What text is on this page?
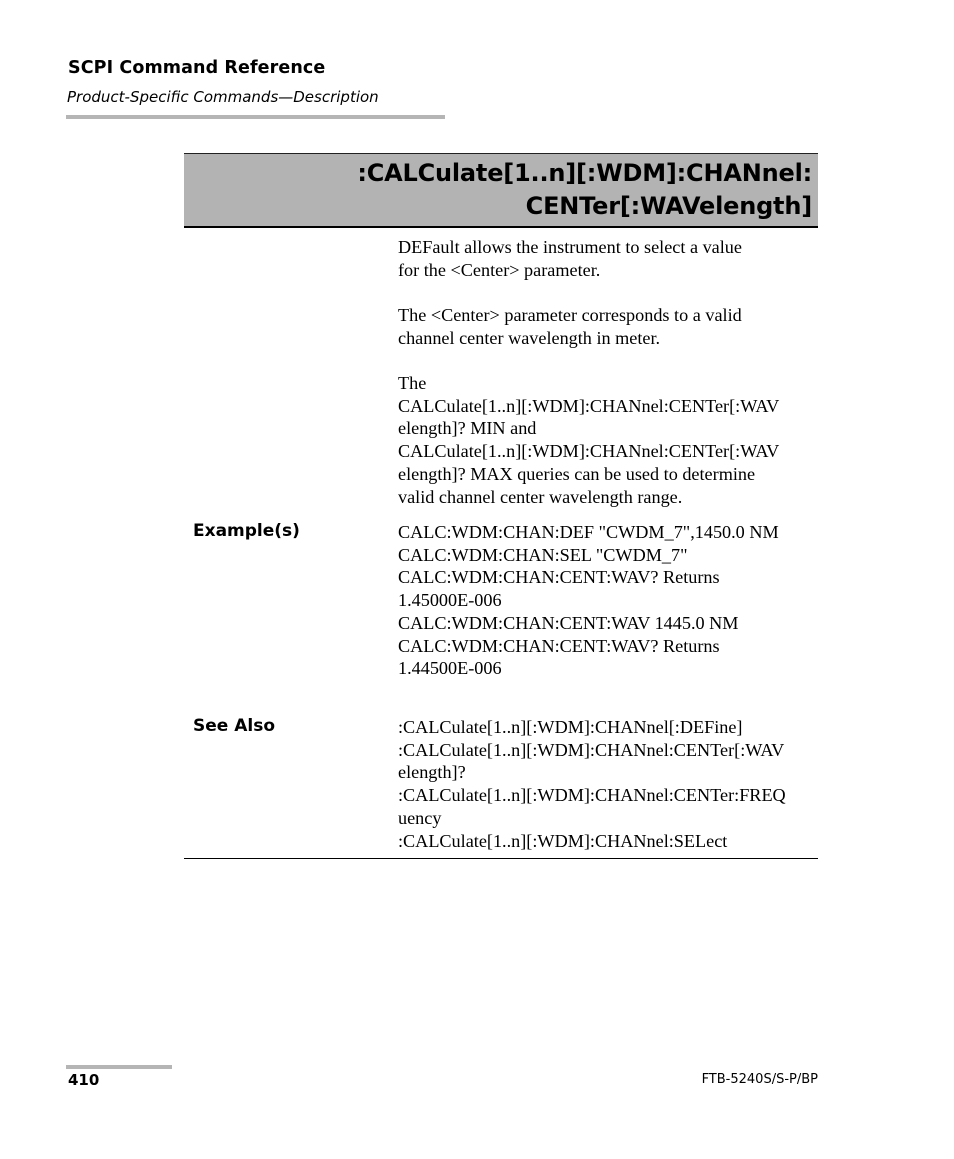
SCPI Command Reference
Product-Specific Commands—Description
:CALCulate[1..n][:WDM]:CHANnel:
CENTer[:WAVelength]

DEFault allows the instrument to select a value
for the <Center> parameter.

The <Center> parameter corresponds to a valid
channel center wavelength in meter.

The
CALCulate[1..n][:WDM]:CHANnel:CENTer[:WAV
elength]? MIN and
CALCulate[1..n][:WDM]:CHANnel:CENTer[:WAV
elength]? MAX queries can be used to determine
valid channel center wavelength range.

Example(s)	CALC:WDM:CHAN:DEF "CWDM_7",1450.0 NM
CALC:WDM:CHAN:SEL "CWDM_7"
CALC:WDM:CHAN:CENT:WAV? Returns
1.45000E-006
CALC:WDM:CHAN:CENT:WAV 1445.0 NM
CALC:WDM:CHAN:CENT:WAV? Returns
1.44500E-006

See Also	:CALCulate[1..n][:WDM]:CHANnel[:DEFine]
:CALCulate[1..n][:WDM]:CHANnel:CENTer[:WAV
elength]?
:CALCulate[1..n][:WDM]:CHANnel:CENTer:FREQ
uency
:CALCulate[1..n][:WDM]:CHANnel:SELect

410	FTB-5240S/S-P/BP
